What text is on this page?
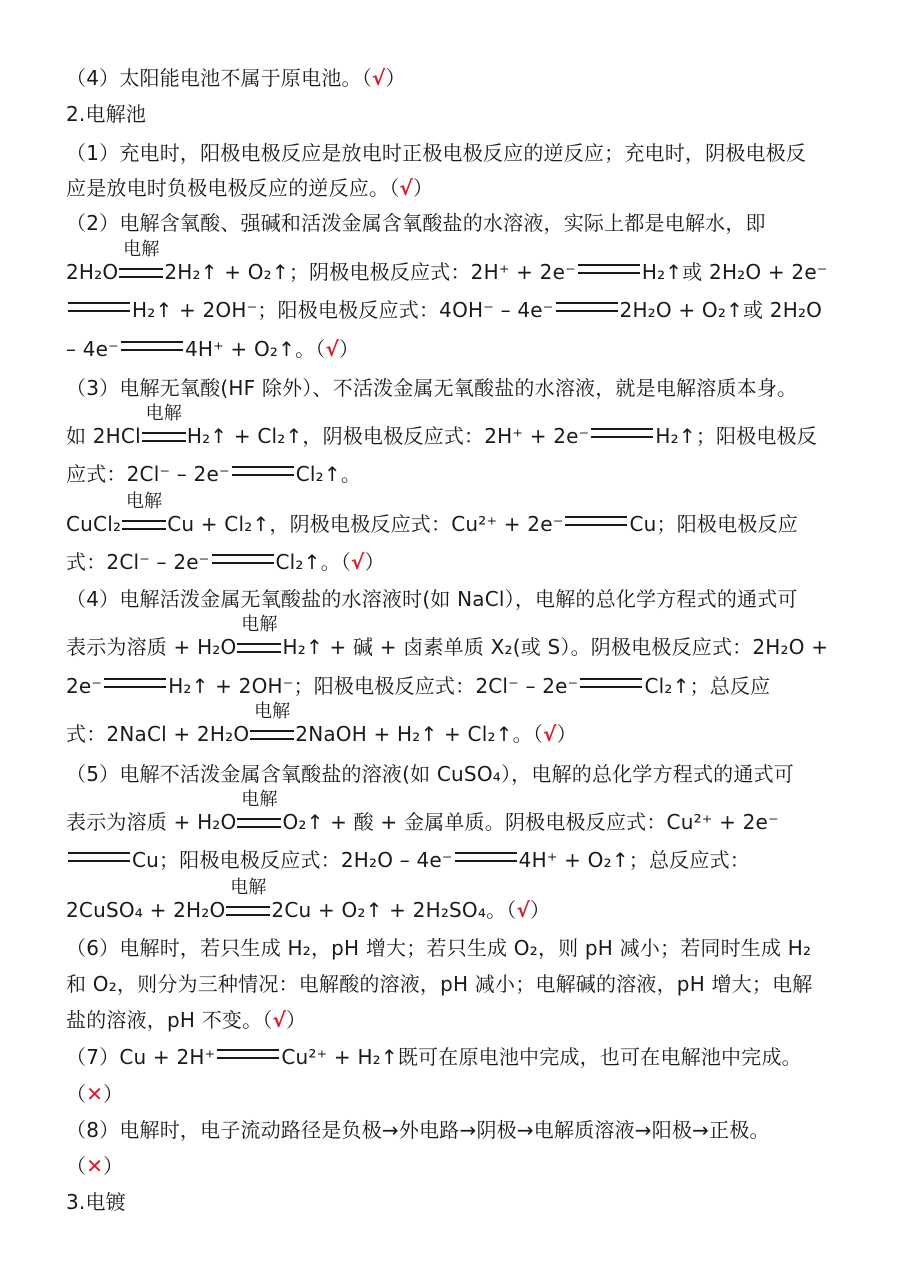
（4）太阳能电池不属于原电池。（√）
2.电解池
（1）充电时，阳极电极反应是放电时正极电极反应的逆反应；充电时，阴极电极反
应是放电时负极电极反应的逆反应。（√）
（2）电解含氧酸、强碱和活泼金属含氧酸盐的水溶液，实际上都是电解水，即
2H₂O
电解
2H₂↑ + O₂↑；阴极电极反应式：2H⁺ + 2e⁻	H₂↑或 2H₂O + 2e⁻
H₂↑ + 2OH⁻；阳极电极反应式：4OH⁻ – 4e⁻	2H₂O + O₂↑或 2H₂O
– 4e⁻	4H⁺ + O₂↑。（√）
（3）电解无氧酸(HF 除外）、不活泼金属无氧酸盐的水溶液，就是电解溶质本身。
如 2HCl
电解
H₂↑ + Cl₂↑，阴极电极反应式：2H⁺ + 2e⁻	H₂↑；阳极电极反
应式：2Cl⁻ – 2e⁻	Cl₂↑。
CuCl₂
电解
Cu + Cl₂↑，阴极电极反应式：Cu²⁺ + 2e⁻	Cu；阳极电极反应
式：2Cl⁻ – 2e⁻	Cl₂↑。（√）
（4）电解活泼金属无氧酸盐的水溶液时(如 NaCl），电解的总化学方程式的通式可
表示为溶质 + H₂O
电解
H₂↑ + 碱 + 卤素单质 X₂(或 S）。阴极电极反应式：2H₂O +
2e⁻	H₂↑ + 2OH⁻；阳极电极反应式：2Cl⁻ – 2e⁻	Cl₂↑；总反应
式：2NaCl + 2H₂O
电解
2NaOH + H₂↑ + Cl₂↑。（√）
（5）电解不活泼金属含氧酸盐的溶液(如 CuSO₄），电解的总化学方程式的通式可
表示为溶质 + H₂O
电解
O₂↑ + 酸 + 金属单质。阴极电极反应式：Cu²⁺ + 2e⁻
Cu；阳极电极反应式：2H₂O – 4e⁻	4H⁺ + O₂↑；总反应式：
2CuSO₄ + 2H₂O
电解
2Cu + O₂↑ + 2H₂SO₄。（√）
（6）电解时，若只生成 H₂，pH 增大；若只生成 O₂，则 pH 减小；若同时生成 H₂
和 O₂，则分为三种情况：电解酸的溶液，pH 减小；电解碱的溶液，pH 增大；电解
盐的溶液，pH 不变。（√）
（7）Cu + 2H⁺	Cu²⁺ + H₂↑既可在原电池中完成，也可在电解池中完成。
（✕）
（8）电解时，电子流动路径是负极→外电路→阴极→电解质溶液→阳极→正极。
（✕）
3.电镀
